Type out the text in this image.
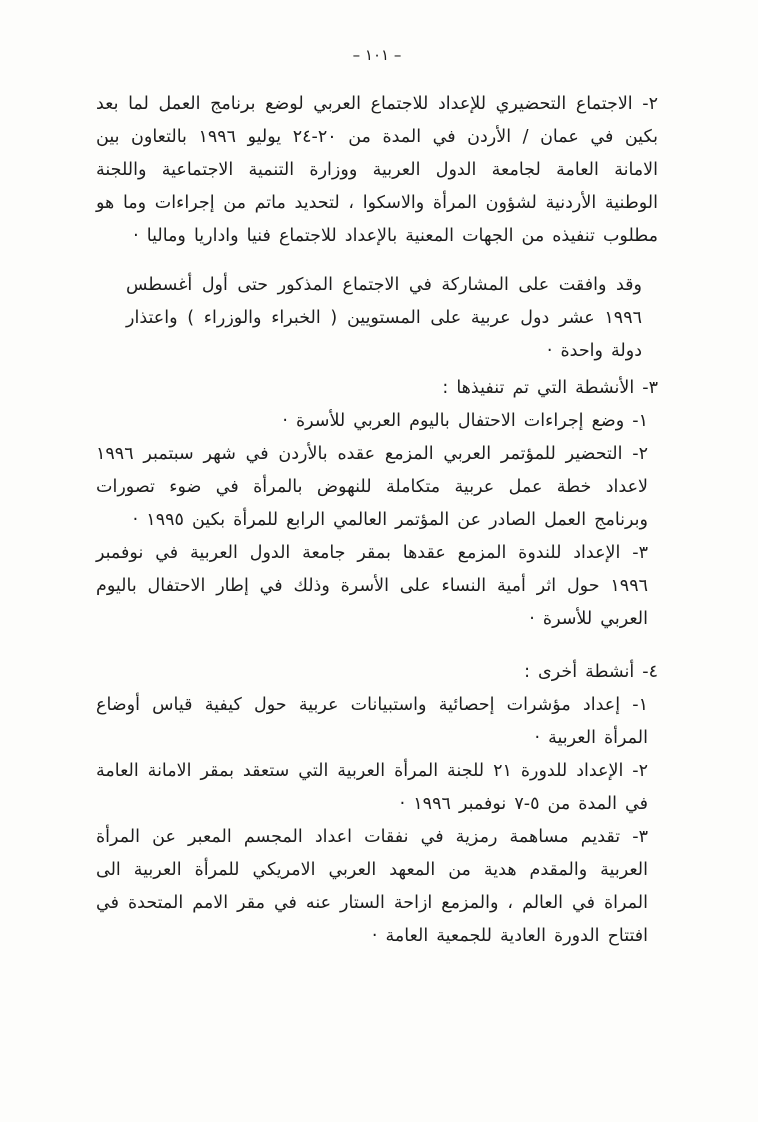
– ١٠١ –

٢- الاجتماع التحضيري للإعداد للاجتماع العربي لوضع برنامج العمل لما بعد بكين في عمان / الأردن في المدة من ٢٠-٢٤ يوليو ١٩٩٦ بالتعاون بين الامانة العامة لجامعة الدول العربية ووزارة التنمية الاجتماعية واللجنة الوطنية الأردنية لشؤون المرأة والاسكوا ، لتحديد ماتم من إجراءات وما هو مطلوب تنفيذه من الجهات المعنية بالإعداد للاجتماع فنيا واداريا وماليا ·

وقد وافقت على المشاركة في الاجتماع المذكور حتى أول أغسطس ١٩٩٦ عشر دول عربية على المستويين ( الخبراء والوزراء ) واعتذار دولة واحدة ·

٣- الأنشطة التي تم تنفيذها :

١- وضع إجراءات الاحتفال باليوم العربي للأسرة ·

٢- التحضير للمؤتمر العربي المزمع عقده بالأردن في شهر سبتمبر ١٩٩٦ لاعداد خطة عمل عربية متكاملة للنهوض بالمرأة في ضوء تصورات وبرنامج العمل الصادر عن المؤتمر العالمي الرابع للمرأة بكين ١٩٩٥ ·

٣- الإعداد للندوة المزمع عقدها بمقر جامعة الدول العربية في نوفمبر ١٩٩٦ حول اثر أمية النساء على الأسرة وذلك في إطار الاحتفال باليوم العربي للأسرة ·

٤- أنشطة أخرى :

١- إعداد مؤشرات إحصائية واستبيانات عربية حول كيفية قياس أوضاع المرأة العربية ·

٢- الإعداد للدورة ٢١ للجنة المرأة العربية التي ستعقد بمقر الامانة العامة في المدة من ٥-٧ نوفمبر ١٩٩٦ ·

٣- تقديم مساهمة رمزية في نفقات اعداد المجسم المعبر عن المرأة العربية والمقدم هدية من المعهد العربي الامريكي للمرأة العربية الى المراة في العالم ، والمزمع ازاحة الستار عنه في مقر الامم المتحدة في افتتاح الدورة العادية للجمعية العامة ·
